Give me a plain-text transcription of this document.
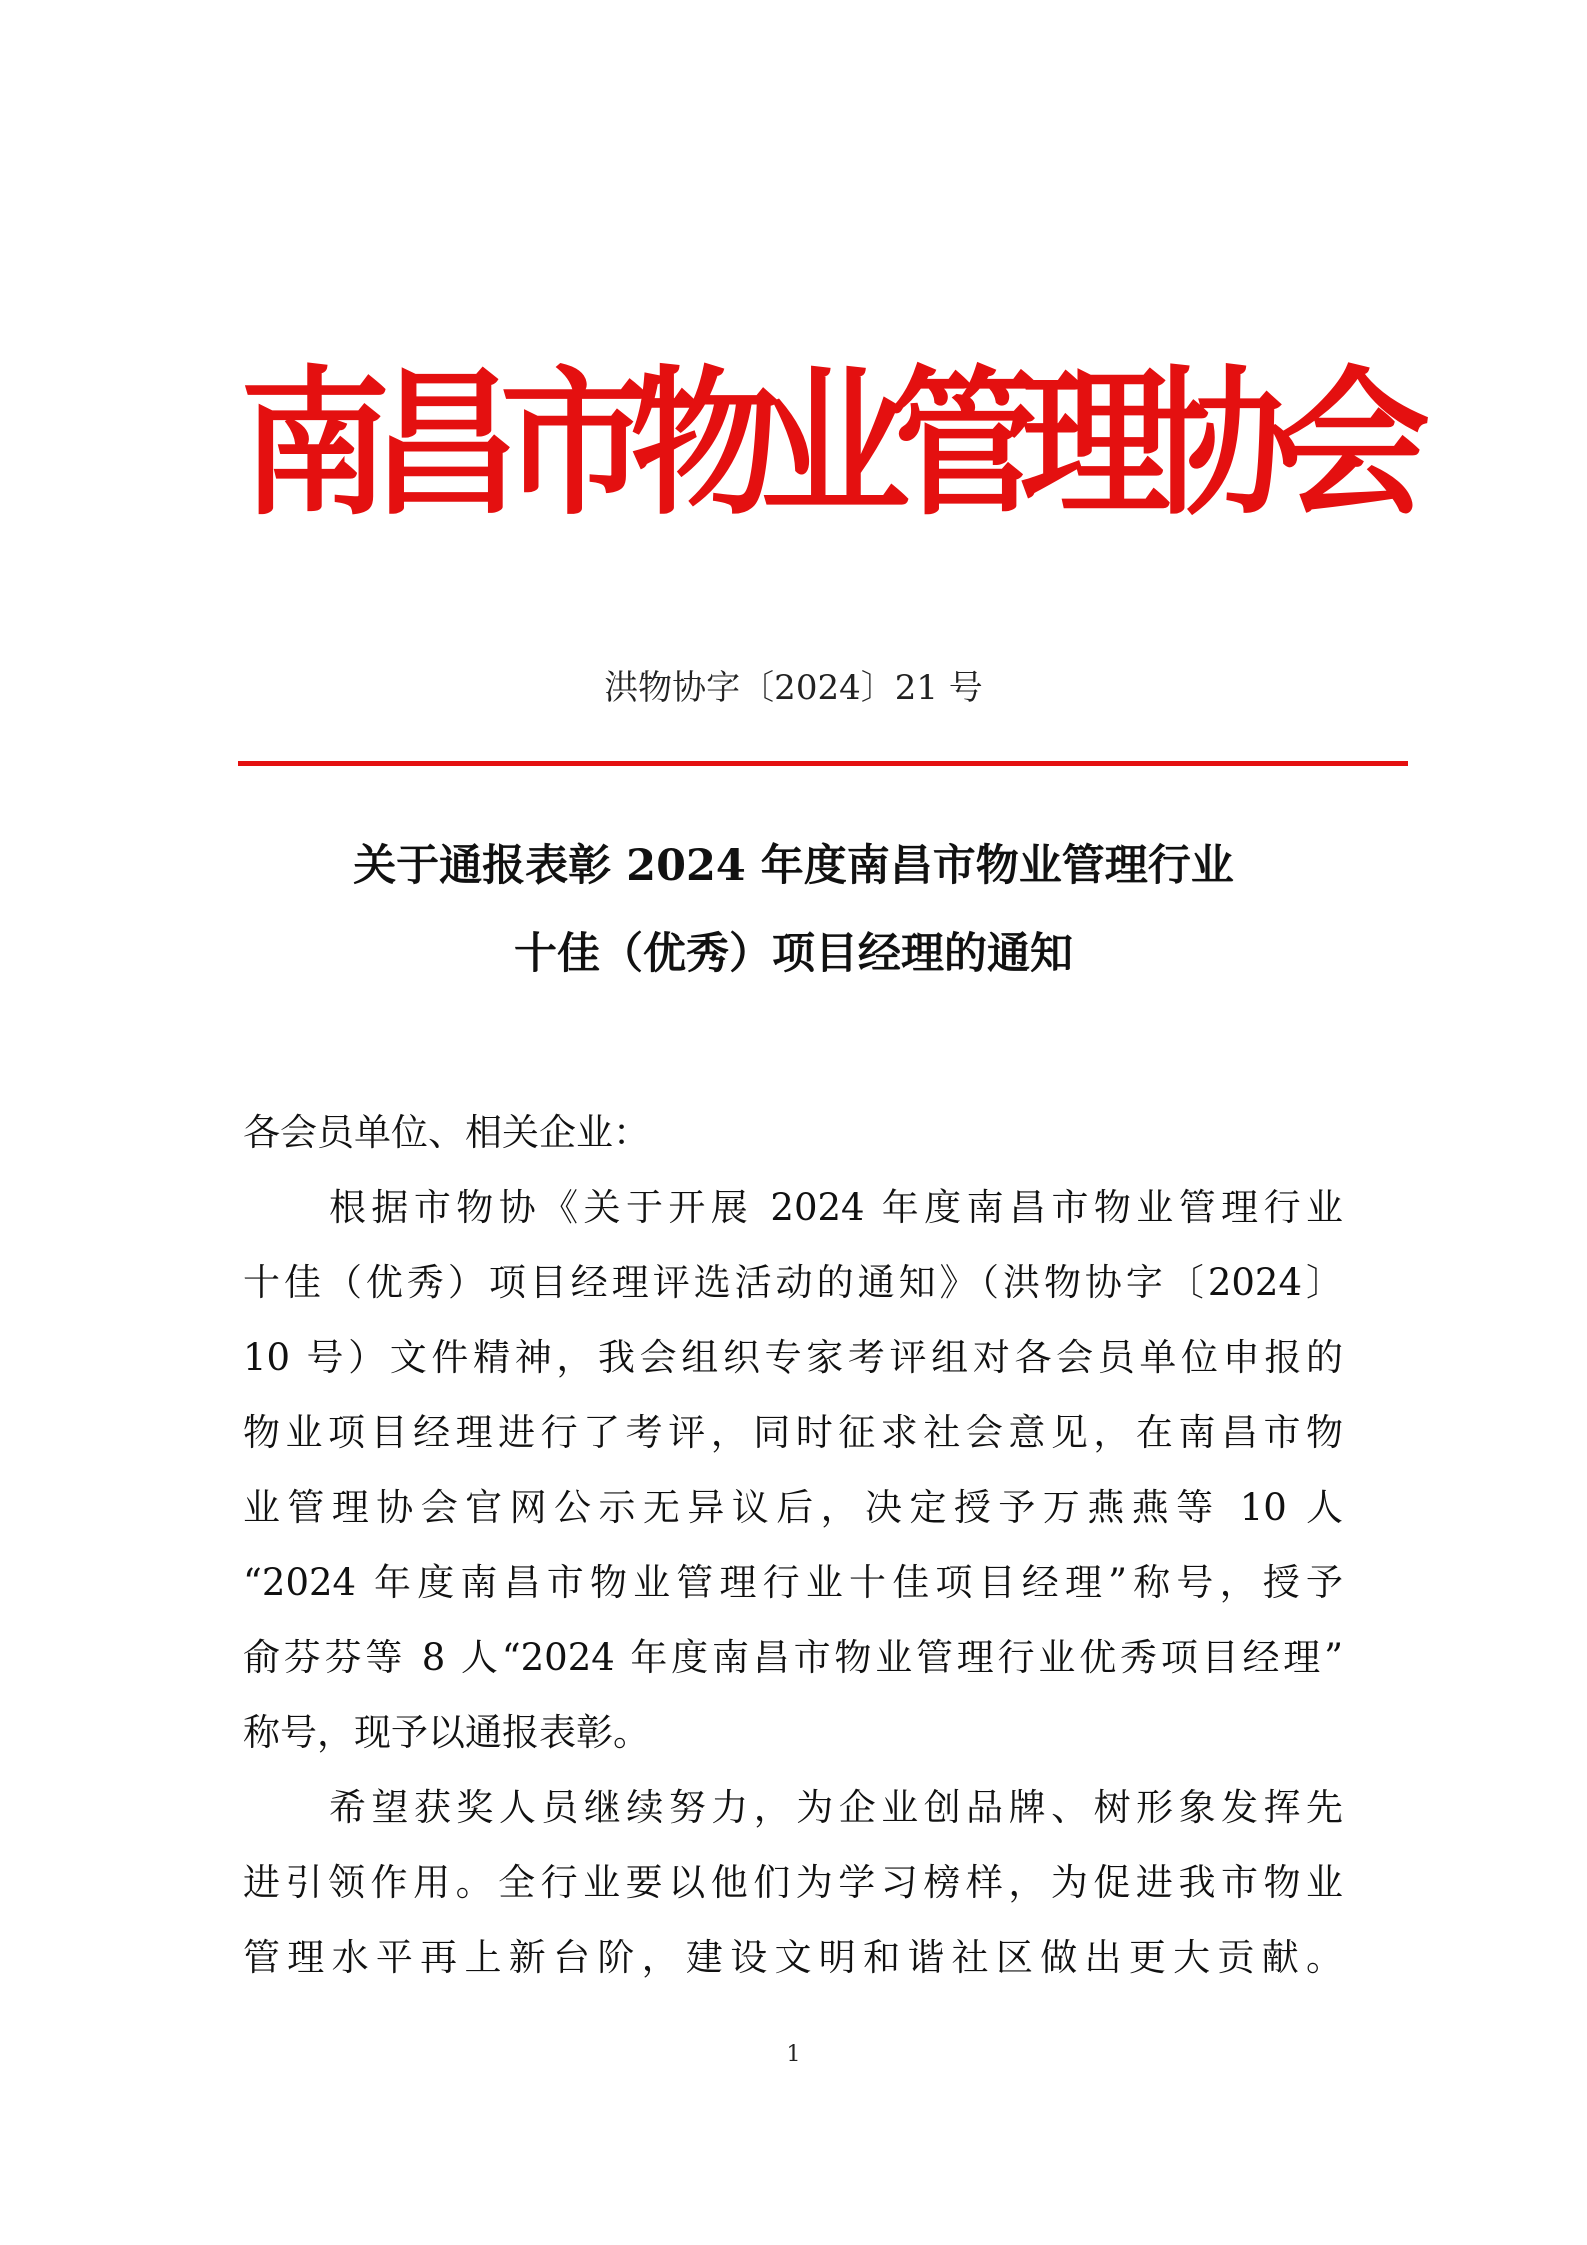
南
昌
市
物
业
管
理
协
会
洪物协字〔2024〕21 号
关于通报表彰 2024 年度南昌市物业管理行业
十佳（优秀）项目经理的通知
各会员单位、相关企业：
根据市物协《关于开展 2024 年度南昌市物业管理行业
十佳（优秀）项目经理评选活动的通知》（洪物协字〔2024〕
10 号）文件精神，我会组织专家考评组对各会员单位申报的
物业项目经理进行了考评，同时征求社会意见，在南昌市物
业管理协会官网公示无异议后，决定授予万燕燕等 10 人
“2024 年度南昌市物业管理行业十佳项目经理”称号，授予
俞芬芬等 8 人“2024 年度南昌市物业管理行业优秀项目经理”
称号，现予以通报表彰。
希望获奖人员继续努力，为企业创品牌、树形象发挥先
进引领作用。全行业要以他们为学习榜样，为促进我市物业
管理水平再上新台阶，建设文明和谐社区做出更大贡献。
1
